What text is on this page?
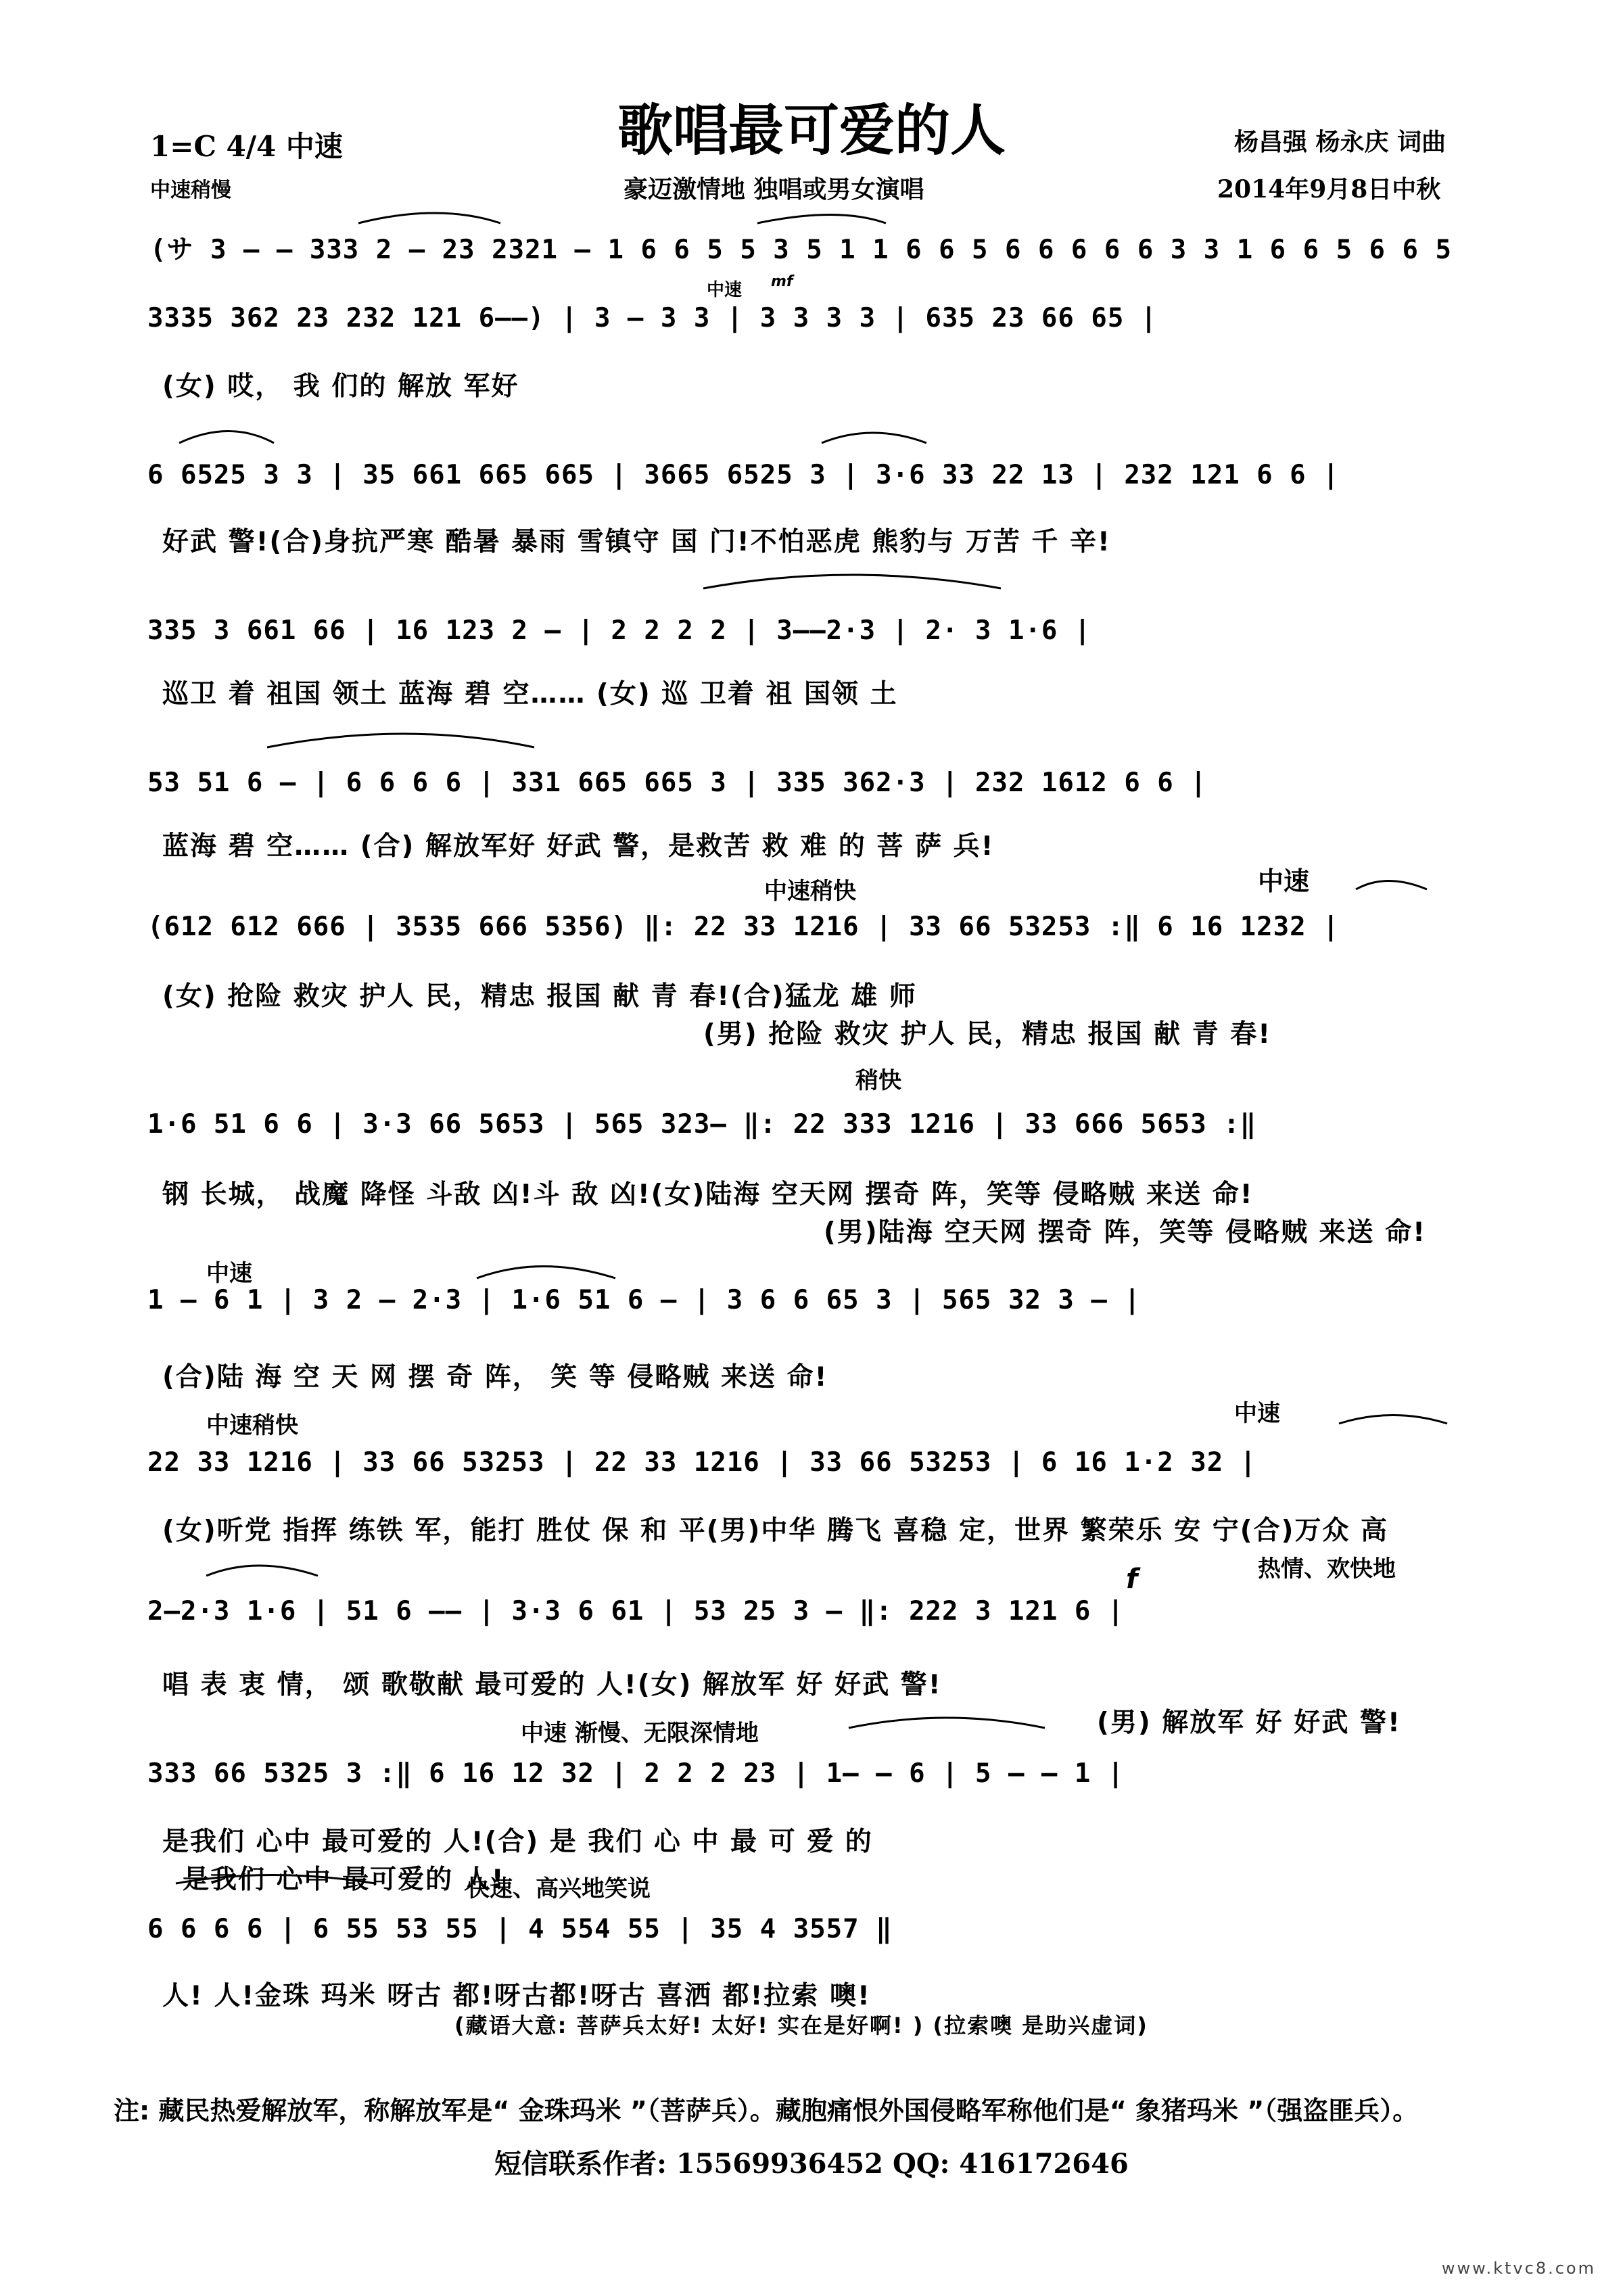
歌唱最可爱的人
1=C 4/4 中速	杨昌强 杨永庆 词曲
中速稍慢	豪迈激情地 独唱或男女演唱	2014年9月8日中秋
中速 mf
中速稍快	中速
稍快
中速
中速稍快	中速
热情、欢快地
f
中速 渐慢、无限深情地
快速、高兴地笑说
(サ 3 — — 333 2 — 23 2321 — 1 6 6 5 5 3 5 1 1 6 6 5 6 6 6 6 6 3 3 1 6 6 5 6 6 5
3335 362 23 232 121 6——) | 3 — 3 3 | 3 3 3 3 | 635 23 66 65 |
(女) 哎， 我 们的 解放 军好
6 6525 3 3 | 35 661 665 665 | 3665 6525 3 | 3·6 33 22 13 | 232 121 6 6 |
好武 警!(合)身抗严寒 酷暑 暴雨 雪镇守 国 门!不怕恶虎 熊豹与 万苦 千 辛!
335 3 661 66 | 16 123 2 — | 2 2 2 2 | 3——2·3 | 2· 3 1·6 |
巡卫 着 祖国 领土 蓝海 碧 空…… (女) 巡 卫着 祖 国领 土
53 51 6 — | 6 6 6 6 | 331 665 665 3 | 335 362·3 | 232 1612 6 6 |
蓝海 碧 空…… (合) 解放军好 好武 警，是救苦 救 难 的 菩 萨 兵!
(612 612 666 | 3535 666 5356) ‖: 22 33 1216 | 33 66 53253 :‖ 6 16 1232 |
(女) 抢险 救灾 护人 民，精忠 报国 献 青 春!(合)猛龙 雄 师
(男) 抢险 救灾 护人 民，精忠 报国 献 青 春!
1·6 51 6 6 | 3·3 66 5653 | 565 323— ‖: 22 333 1216 | 33 666 5653 :‖
钢 长城， 战魔 降怪 斗敌 凶!斗 敌 凶!(女)陆海 空天网 摆奇 阵，笑等 侵略贼 来送 命!
(男)陆海 空天网 摆奇 阵，笑等 侵略贼 来送 命!
1 — 6 1 | 3 2 — 2·3 | 1·6 51 6 — | 3 6 6 65 3 | 565 32 3 — |
(合)陆 海 空 天 网 摆 奇 阵， 笑 等 侵略贼 来送 命!
22 33 1216 | 33 66 53253 | 22 33 1216 | 33 66 53253 | 6 16 1·2 32 |
(女)听党 指挥 练铁 军，能打 胜仗 保 和 平(男)中华 腾飞 喜稳 定，世界 繁荣乐 安 宁(合)万众 高
2—2·3 1·6 | 51 6 —— | 3·3 6 61 | 53 25 3 — ‖: 222 3 121 6 |
唱 表 衷 情， 颂 歌敬献 最可爱的 人!(女) 解放军 好 好武 警!
(男) 解放军 好 好武 警!
333 66 5325 3 :‖ 6 16 12 32 | 2 2 2 23 | 1— — 6 | 5 — — 1 |
是我们 心中 最可爱的 人!(合) 是 我们 心 中 最 可 爱 的
是我们 心中 最可爱的 人!
6 6 6 6 | 6 55 53 55 | 4 554 55 | 35 4 3557 ‖
人! 人!金珠 玛米 呀古 都!呀古都!呀古 喜洒 都!拉索 噢!
(藏语大意: 菩萨兵太好! 太好! 实在是好啊! ) (拉索噢 是助兴虚词)
注: 藏民热爱解放军，称解放军是“ 金珠玛米 ”（菩萨兵）。藏胞痛恨外国侵略军称他们是“ 象猪玛米 ”（强盗匪兵）。
短信联系作者: 15569936452 QQ: 416172646
www.ktvc8.com
